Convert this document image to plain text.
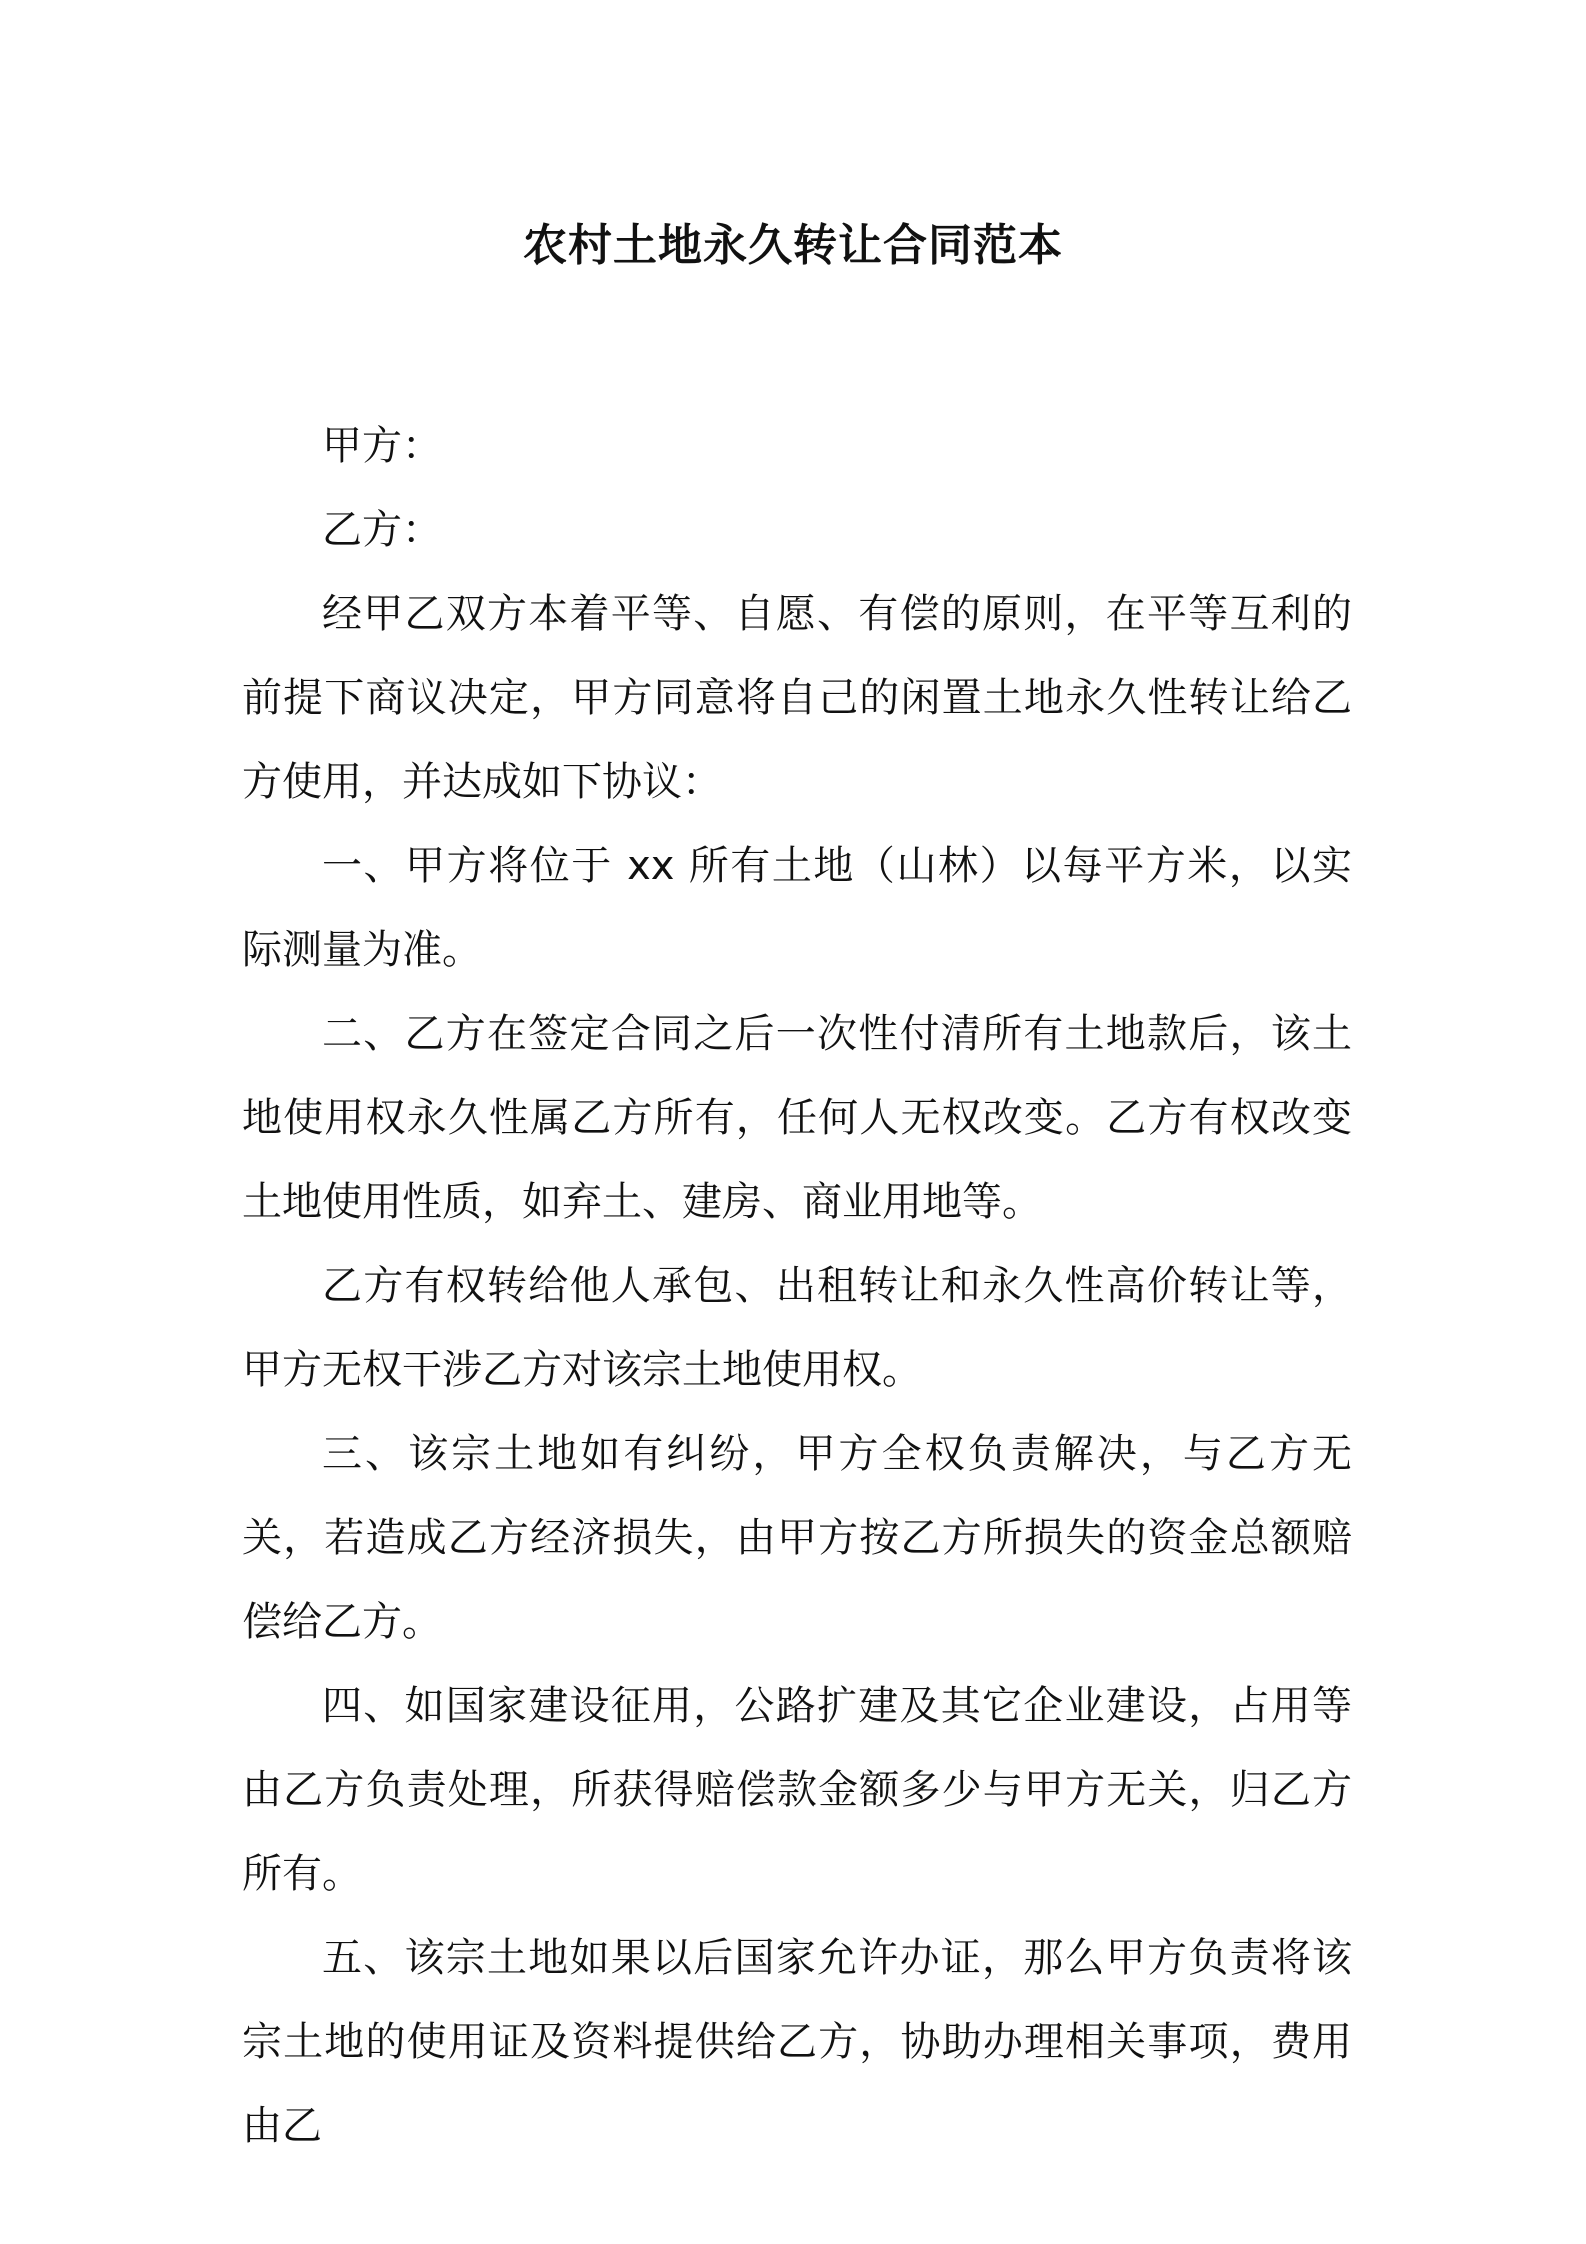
农村土地永久转让合同范本

甲方：

乙方：

经甲乙双方本着平等、自愿、有偿的原则，在平等互利的前提下商议决定，甲方同意将自己的闲置土地永久性转让给乙方使用，并达成如下协议：

一、甲方将位于 xx 所有土地（山林）以每平方米，以实际测量为准。

二、乙方在签定合同之后一次性付清所有土地款后，该土地使用权永久性属乙方所有，任何人无权改变。乙方有权改变土地使用性质，如弃土、建房、商业用地等。

乙方有权转给他人承包、出租转让和永久性高价转让等，甲方无权干涉乙方对该宗土地使用权。

三、该宗土地如有纠纷，甲方全权负责解决，与乙方无关，若造成乙方经济损失，由甲方按乙方所损失的资金总额赔偿给乙方。

四、如国家建设征用，公路扩建及其它企业建设，占用等由乙方负责处理，所获得赔偿款金额多少与甲方无关，归乙方所有。

五、该宗土地如果以后国家允许办证，那么甲方负责将该宗土地的使用证及资料提供给乙方，协助办理相关事项，费用由乙
